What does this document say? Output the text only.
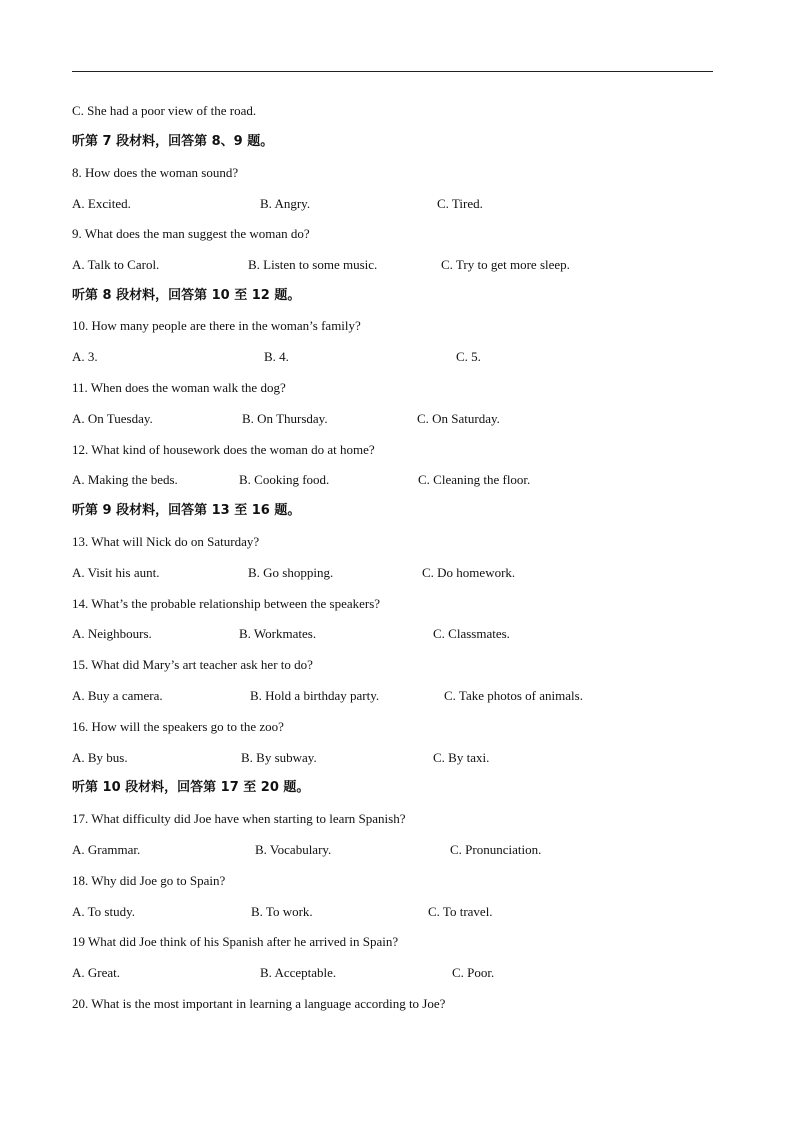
C. She had a poor view of the road.
听第 7 段材料，回答第 8、9 题。
8. How does the woman sound?
A. Excited.	B. Angry.	C. Tired.
9. What does the man suggest the woman do?
A. Talk to Carol.	B. Listen to some music.	C. Try to get more sleep.
听第 8 段材料，回答第 10 至 12 题。
10. How many people are there in the woman’s family?
A. 3.	B. 4.	C. 5.
11. When does the woman walk the dog?
A. On Tuesday.	B. On Thursday.	C. On Saturday.
12. What kind of housework does the woman do at home?
A. Making the beds.	B. Cooking food.	C. Cleaning the floor.
听第 9 段材料，回答第 13 至 16 题。
13. What will Nick do on Saturday?
A. Visit his aunt.	B. Go shopping.	C. Do homework.
14. What’s the probable relationship between the speakers?
A. Neighbours.	B. Workmates.	C. Classmates.
15. What did Mary’s art teacher ask her to do?
A. Buy a camera.	B. Hold a birthday party.	C. Take photos of animals.
16. How will the speakers go to the zoo?
A. By bus.	B. By subway.	C. By taxi.
听第 10 段材料，回答第 17 至 20 题。
17. What difficulty did Joe have when starting to learn Spanish?
A. Grammar.	B. Vocabulary.	C. Pronunciation.
18. Why did Joe go to Spain?
A. To study.	B. To work.	C. To travel.
19 What did Joe think of his Spanish after he arrived in Spain?
A. Great.	B. Acceptable.	C. Poor.
20. What is the most important in learning a language according to Joe?
